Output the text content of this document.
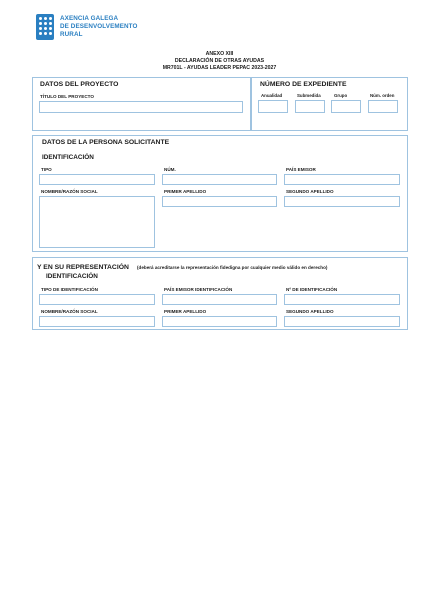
AXENCIA GALEGA
DE DESENVOLVEMENTO
RURAL
ANEXO XIII
DECLARACIÓN DE OTRAS AYUDAS
MR701L - AYUDAS LEADER PEPAC 2023-2027
DATOS DEL PROYECTO
TÍTULO DEL PROYECTO
NÚMERO DE EXPEDIENTE
Anualidad	Submedida	Grupo	Núm. orden
DATOS DE LA PERSONA SOLICITANTE
IDENTIFICACIÓN
TIPO	NÚM.	PAÍS EMISOR
NOMBRE/RAZÓN SOCIAL	PRIMER APELLIDO	SEGUNDO APELLIDO
Y EN SU REPRESENTACIÓN (deberá acreditarse la representación fidedigna por cualquier medio válido en derecho)
IDENTIFICACIÓN
TIPO DE IDENTIFICACIÓN	PAÍS EMISOR IDENTIFICACIÓN	Nº DE IDENTIFICACIÓN
NOMBRE/RAZÓN SOCIAL	PRIMER APELLIDO	SEGUNDO APELLIDO
